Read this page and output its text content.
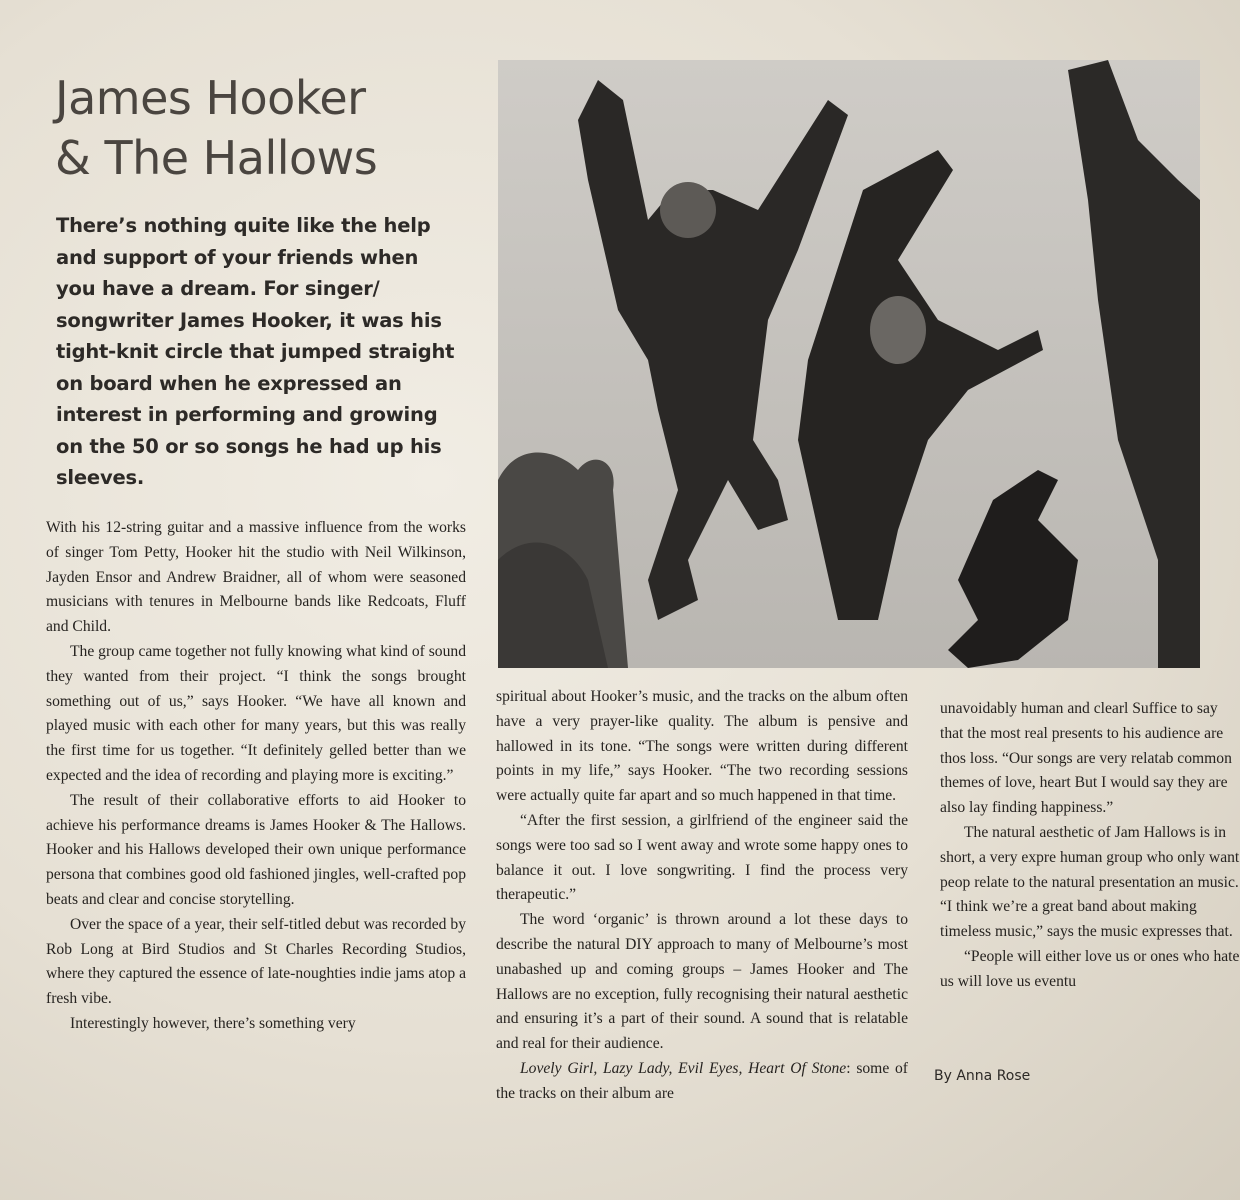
James Hooker
& The Hallows

There’s nothing quite like the help
and support of your friends when
you have a dream. For singer/
songwriter James Hooker, it was his
tight-knit circle that jumped straight
on board when he expressed an
interest in performing and growing
on the 50 or so songs he had up his
sleeves.

With his 12-string guitar and a massive influence from the works of singer Tom Petty, Hooker hit the studio with Neil Wilkinson, Jayden Ensor and Andrew Braidner, all of whom were seasoned musicians with tenures in Melbourne bands like Redcoats, Fluff and Child.

The group came together not fully knowing what kind of sound they wanted from their project. “I think the songs brought something out of us,” says Hooker. “We have all known and played music with each other for many years, but this was really the first time for us together. “It definitely gelled better than we expected and the idea of recording and playing more is exciting.”

The result of their collaborative efforts to aid Hooker to achieve his performance dreams is James Hooker & The Hallows. Hooker and his Hallows developed their own unique performance persona that combines good old fashioned jingles, well-crafted pop beats and clear and concise storytelling.

Over the space of a year, their self-titled debut was recorded by Rob Long at Bird Studios and St Charles Recording Studios, where they captured the essence of late-noughties indie jams atop a fresh vibe.

Interestingly however, there’s something very

spiritual about Hooker’s music, and the tracks on the album often have a very prayer-like quality. The album is pensive and hallowed in its tone. “The songs were written during different points in my life,” says Hooker. “The two recording sessions were actually quite far apart and so much happened in that time.

“After the first session, a girlfriend of the engineer said the songs were too sad so I went away and wrote some happy ones to balance it out. I love songwriting. I find the process very therapeutic.”

The word ‘organic’ is thrown around a lot these days to describe the natural DIY approach to many of Melbourne’s most unabashed up and coming groups – James Hooker and The Hallows are no exception, fully recognising their natural aesthetic and ensuring it’s a part of their sound. A sound that is relatable and real for their audience.

Lovely Girl, Lazy Lady, Evil Eyes, Heart Of Stone: some of the tracks on their album are

unavoidably human and clearl Suffice to say that the most real presents to his audience are thos loss. “Our songs are very relatab common themes of love, heart But I would say they are also lay finding happiness.”

The natural aesthetic of Jam Hallows is in short, a very expre human group who only want peop relate to the natural presentation an music. “I think we’re a great band about making timeless music,” says the music expresses that.

“People will either love us or ones who hate us will love us eventu

By Anna Rose
